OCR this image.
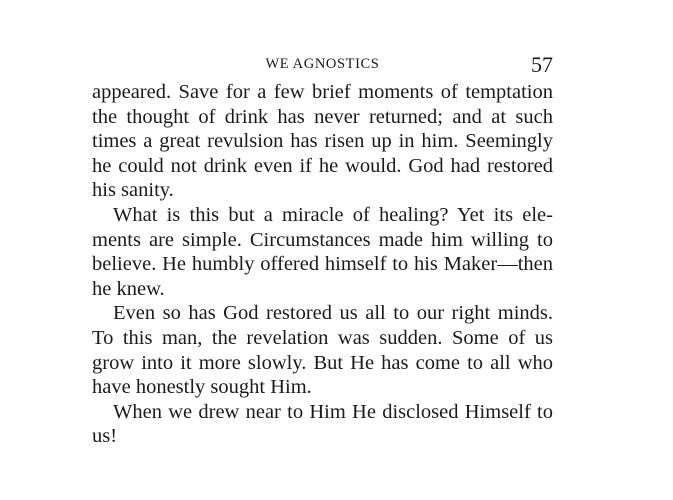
WE AGNOSTICS	57

appeared. Save for a few brief moments of temptation the thought of drink has never returned; and at such times a great revulsion has risen up in him. Seemingly he could not drink even if he would. God had restored his sanity.

What is this but a miracle of healing? Yet its elements are simple. Circumstances made him willing to believe. He humbly offered himself to his Maker—then he knew.

Even so has God restored us all to our right minds. To this man, the revelation was sudden. Some of us grow into it more slowly. But He has come to all who have honestly sought Him.

When we drew near to Him He disclosed Himself to us!
